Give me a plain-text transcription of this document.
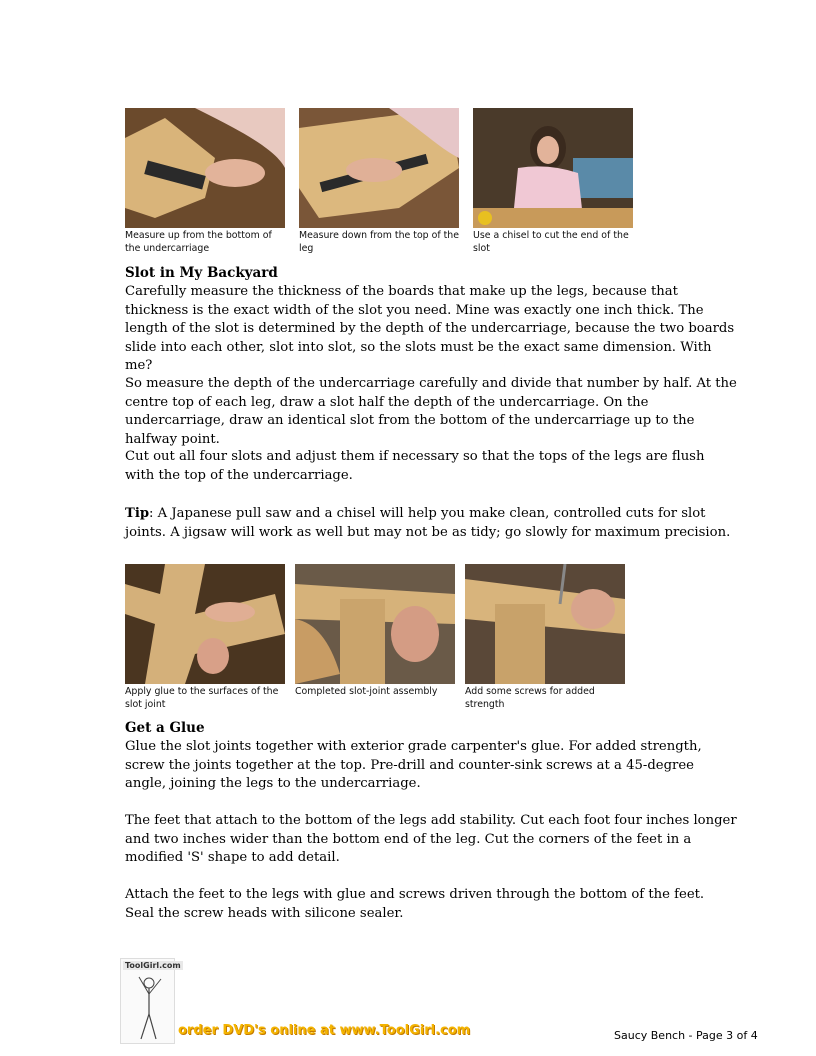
Measure up from the bottom of the undercarriage
Measure down from the top of the leg
Use a chisel to cut the end of the slot
Slot in My Backyard

Carefully measure the thickness of the boards that make up the legs, because that thickness is the exact width of the slot you need. Mine was exactly one inch thick. The length of the slot is determined by the depth of the undercarriage, because the two boards slide into each other, slot into slot, so the slots must be the exact same dimension. With me?

So measure the depth of the undercarriage carefully and divide that number by half. At the centre top of each leg, draw a slot half the depth of the undercarriage. On the undercarriage, draw an identical slot from the bottom of the undercarriage up to the halfway point.

Cut out all four slots and adjust them if necessary so that the tops of the legs are flush with the top of the undercarriage.

Tip: A Japanese pull saw and a chisel will help you make clean, controlled cuts for slot joints. A jigsaw will work as well but may not be as tidy; go slowly for maximum precision.

Apply glue to the surfaces of the slot joint
Completed slot-joint assembly	Add some screws for added strength
Get a Glue

Glue the slot joints together with exterior grade carpenter's glue. For added strength, screw the joints together at the top. Pre-drill and counter-sink screws at a 45-degree angle, joining the legs to the undercarriage.

The feet that attach to the bottom of the legs add stability. Cut each foot four inches longer and two inches wider than the bottom end of the leg. Cut the corners of the feet in a modified 'S' shape to add detail.

Attach the feet to the legs with glue and screws driven through the bottom of the feet. Seal the screw heads with silicone sealer.

ToolGirl.com
order DVD's online at www.ToolGirl.com	Saucy Bench - Page 3 of 4
